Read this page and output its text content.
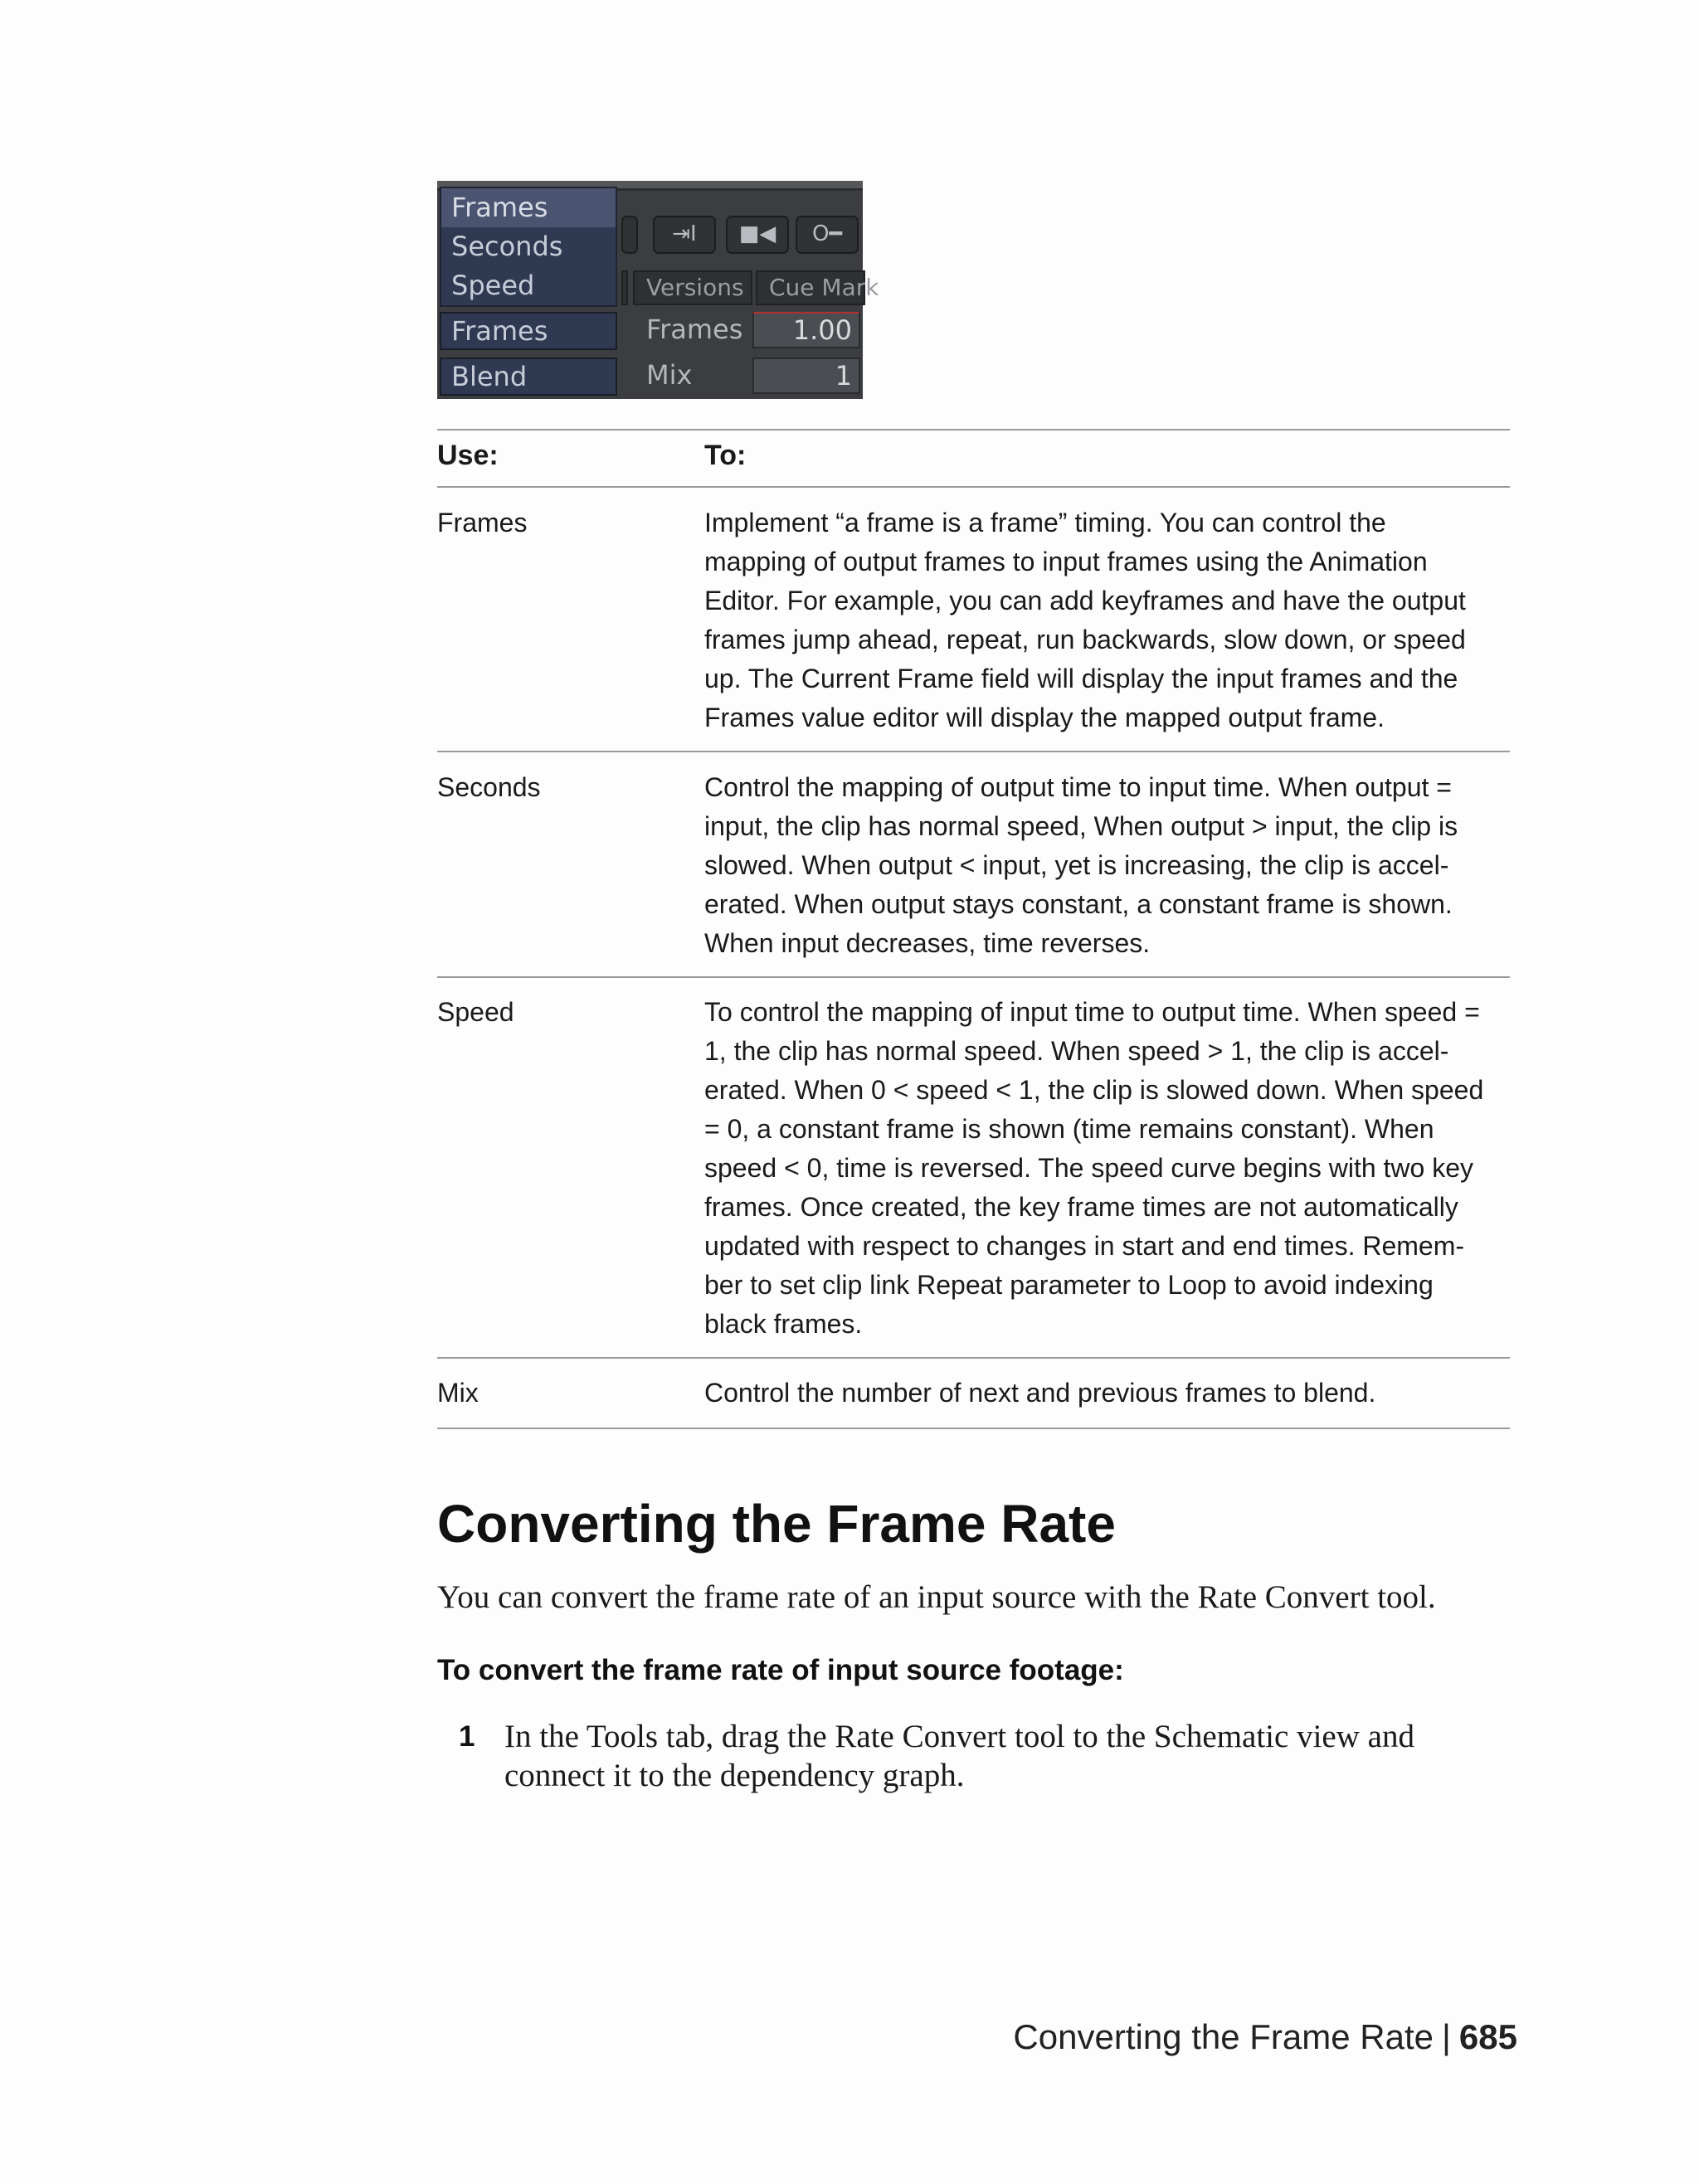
⇥I	■◀	O━
Versions	Cue Mark
Frames
Blend
Frames
Mix
1.00
1
Frames
Seconds
Speed
Use:	To:
Frames	Implement “a frame is a frame” timing. You can control the mapping of output frames to input frames using the Animation Editor. For example, you can add keyframes and have the output frames jump ahead, repeat, run backwards, slow down, or speed up. The Current Frame field will display the input frames and the Frames value editor will display the mapped output frame.
Seconds	Control the mapping of output time to input time. When output = input, the clip has normal speed, When output > input, the clip is slowed. When output < input, yet is increasing, the clip is accel-erated. When output stays constant, a constant frame is shown. When input decreases, time reverses.
Speed	To control the mapping of input time to output time. When speed = 1, the clip has normal speed. When speed > 1, the clip is accel-erated. When 0 < speed < 1, the clip is slowed down. When speed = 0, a constant frame is shown (time remains constant). When speed < 0, time is reversed. The speed curve begins with two key frames. Once created, the key frame times are not automatically updated with respect to changes in start and end times. Remem-ber to set clip link Repeat parameter to Loop to avoid indexing black frames.
Mix	Control the number of next and previous frames to blend.
Converting the Frame Rate
You can convert the frame rate of an input source with the Rate Convert tool.
To convert the frame rate of input source footage:
1 In the Tools tab, drag the Rate Convert tool to the Schematic view and connect it to the dependency graph.
Converting the Frame Rate | 685
